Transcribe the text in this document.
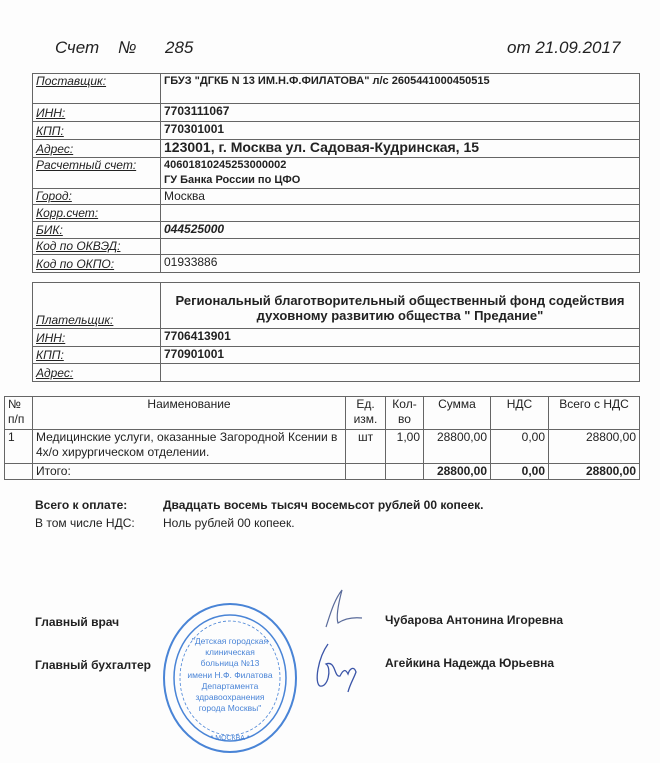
Счет № 285	от 21.09.2017
Поставщик:	ГБУЗ "ДГКБ N 13 ИМ.Н.Ф.ФИЛАТОВА" л/с 2605441000450515
ИНН:	7703111067
КПП:	770301001
Адрес:	123001, г. Москва ул. Садовая-Кудринская, 15
Расчетный счет:	40601810245253000002
ГУ Банка России по ЦФО

Город:	Москва
Корр.счет:	
БИК:	044525000
Код по ОКВЭД:	
Код по ОКПО:	01933886
Плательщик:	Региональный благотворительный общественный фонд содействия духовному развитию общества " Предание"
ИНН:	7706413901
КПП:	770901001
Адрес:	
№ п/п	Наименование	Ед. изм.	Кол-во	Сумма	НДС	Всего с НДС
1	Медицинские услуги, оказанные Загородной Ксении в 4х/о хирургическом отделении.	шт	1,00	28800,00	0,00	28800,00
	Итого:			28800,00	0,00	28800,00
Всего к оплате:	Двадцать восемь тысяч восемьсот рублей 00 копеек.
В том числе НДС: Ноль рублей 00 копеек.
"Детская городская
клиническая
больница №13
имени Н.Ф. Филатова
Департамента
здравоохранения
города Москвы"
* МОСКВА *
Главный врач
Главный бухгалтер
Чубарова Антонина Игоревна
Агейкина Надежда Юрьевна
